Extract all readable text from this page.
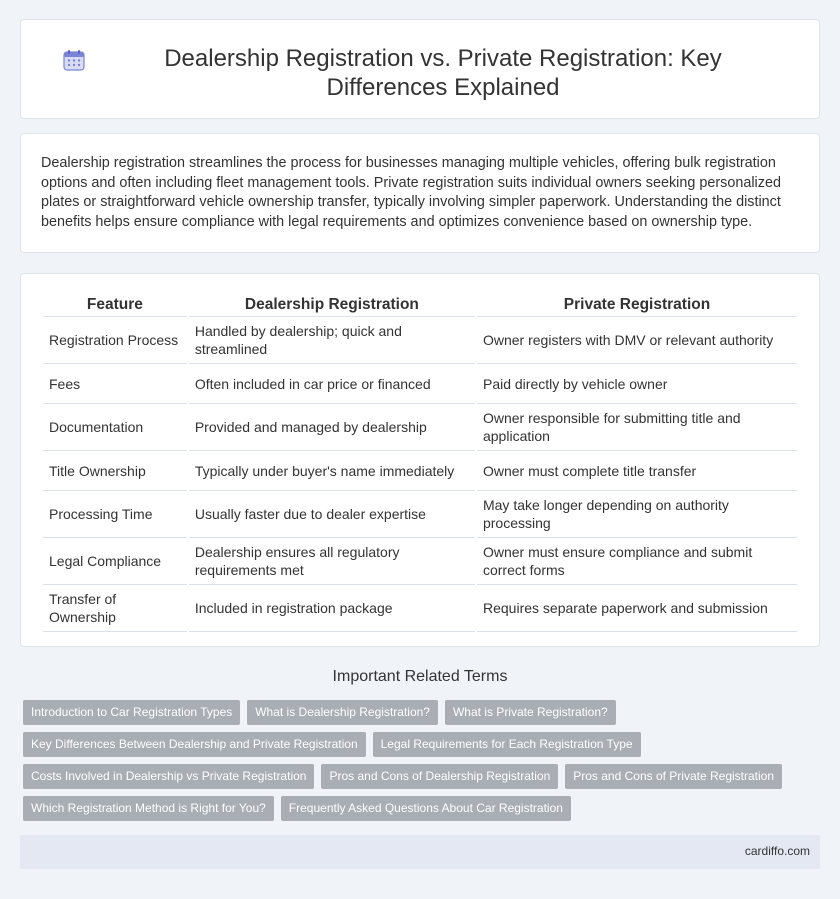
Dealership Registration vs. Private Registration: Key Differences Explained

Dealership registration streamlines the process for businesses managing multiple vehicles, offering bulk registration options and often including fleet management tools. Private registration suits individual owners seeking personalized plates or straightforward vehicle ownership transfer, typically involving simpler paperwork. Understanding the distinct benefits helps ensure compliance with legal requirements and optimizes convenience based on ownership type.

Feature	Dealership Registration	Private Registration
Registration Process	Handled by dealership; quick and streamlined	Owner registers with DMV or relevant authority
Fees	Often included in car price or financed	Paid directly by vehicle owner
Documentation	Provided and managed by dealership	Owner responsible for submitting title and application
Title Ownership	Typically under buyer's name immediately	Owner must complete title transfer
Processing Time	Usually faster due to dealer expertise	May take longer depending on authority processing
Legal Compliance	Dealership ensures all regulatory requirements met	Owner must ensure compliance and submit correct forms
Transfer of Ownership	Included in registration package	Requires separate paperwork and submission
Important Related Terms
Introduction to Car Registration Types	What is Dealership Registration?	What is Private Registration?
Key Differences Between Dealership and Private Registration	Legal Requirements for Each Registration Type
Costs Involved in Dealership vs Private Registration	Pros and Cons of Dealership Registration	Pros and Cons of Private Registration
Which Registration Method is Right for You?	Frequently Asked Questions About Car Registration
cardiffo.com
